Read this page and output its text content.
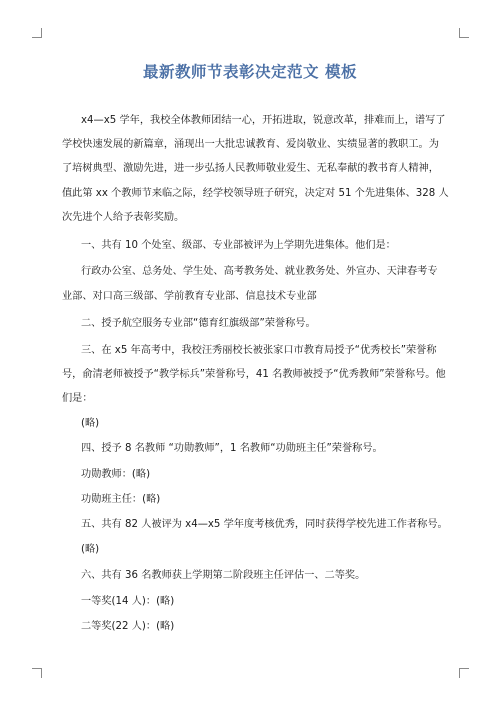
最新教师节表彰决定范文 模板
x4—x5 学年，我校全体教师团结一心，开拓进取，锐意改革，排难而上，谱写了
学校快速发展的新篇章，涌现出一大批忠诚教育、爱岗敬业、实绩显著的教职工。为
了培树典型、激励先进，进一步弘扬人民教师敬业爱生、无私奉献的教书育人精神，
值此第 xx 个教师节来临之际，经学校领导班子研究，决定对 51 个先进集体、328 人
次先进个人给予表彰奖励。
一、共有 10 个处室、级部、专业部被评为上学期先进集体。他们是：
行政办公室、总务处、学生处、高考教务处、就业教务处、外宣办、天津春考专
业部、对口高三级部、学前教育专业部、信息技术专业部
二、授予航空服务专业部“德育红旗级部”荣誉称号。
三、在 x5 年高考中，我校汪秀丽校长被张家口市教育局授予“优秀校长”荣誉称
号，俞清老师被授予“教学标兵”荣誉称号，41 名教师被授予“优秀教师”荣誉称号。他
们是：
(略)
四、授予 8 名教师 “功勋教师”，1 名教师“功勋班主任”荣誉称号。
功勋教师：(略)
功勋班主任：(略)
五、共有 82 人被评为 x4—x5 学年度考核优秀，同时获得学校先进工作者称号。
(略)
六、共有 36 名教师获上学期第二阶段班主任评估一、二等奖。
一等奖(14 人)：(略)
二等奖(22 人)：(略)
